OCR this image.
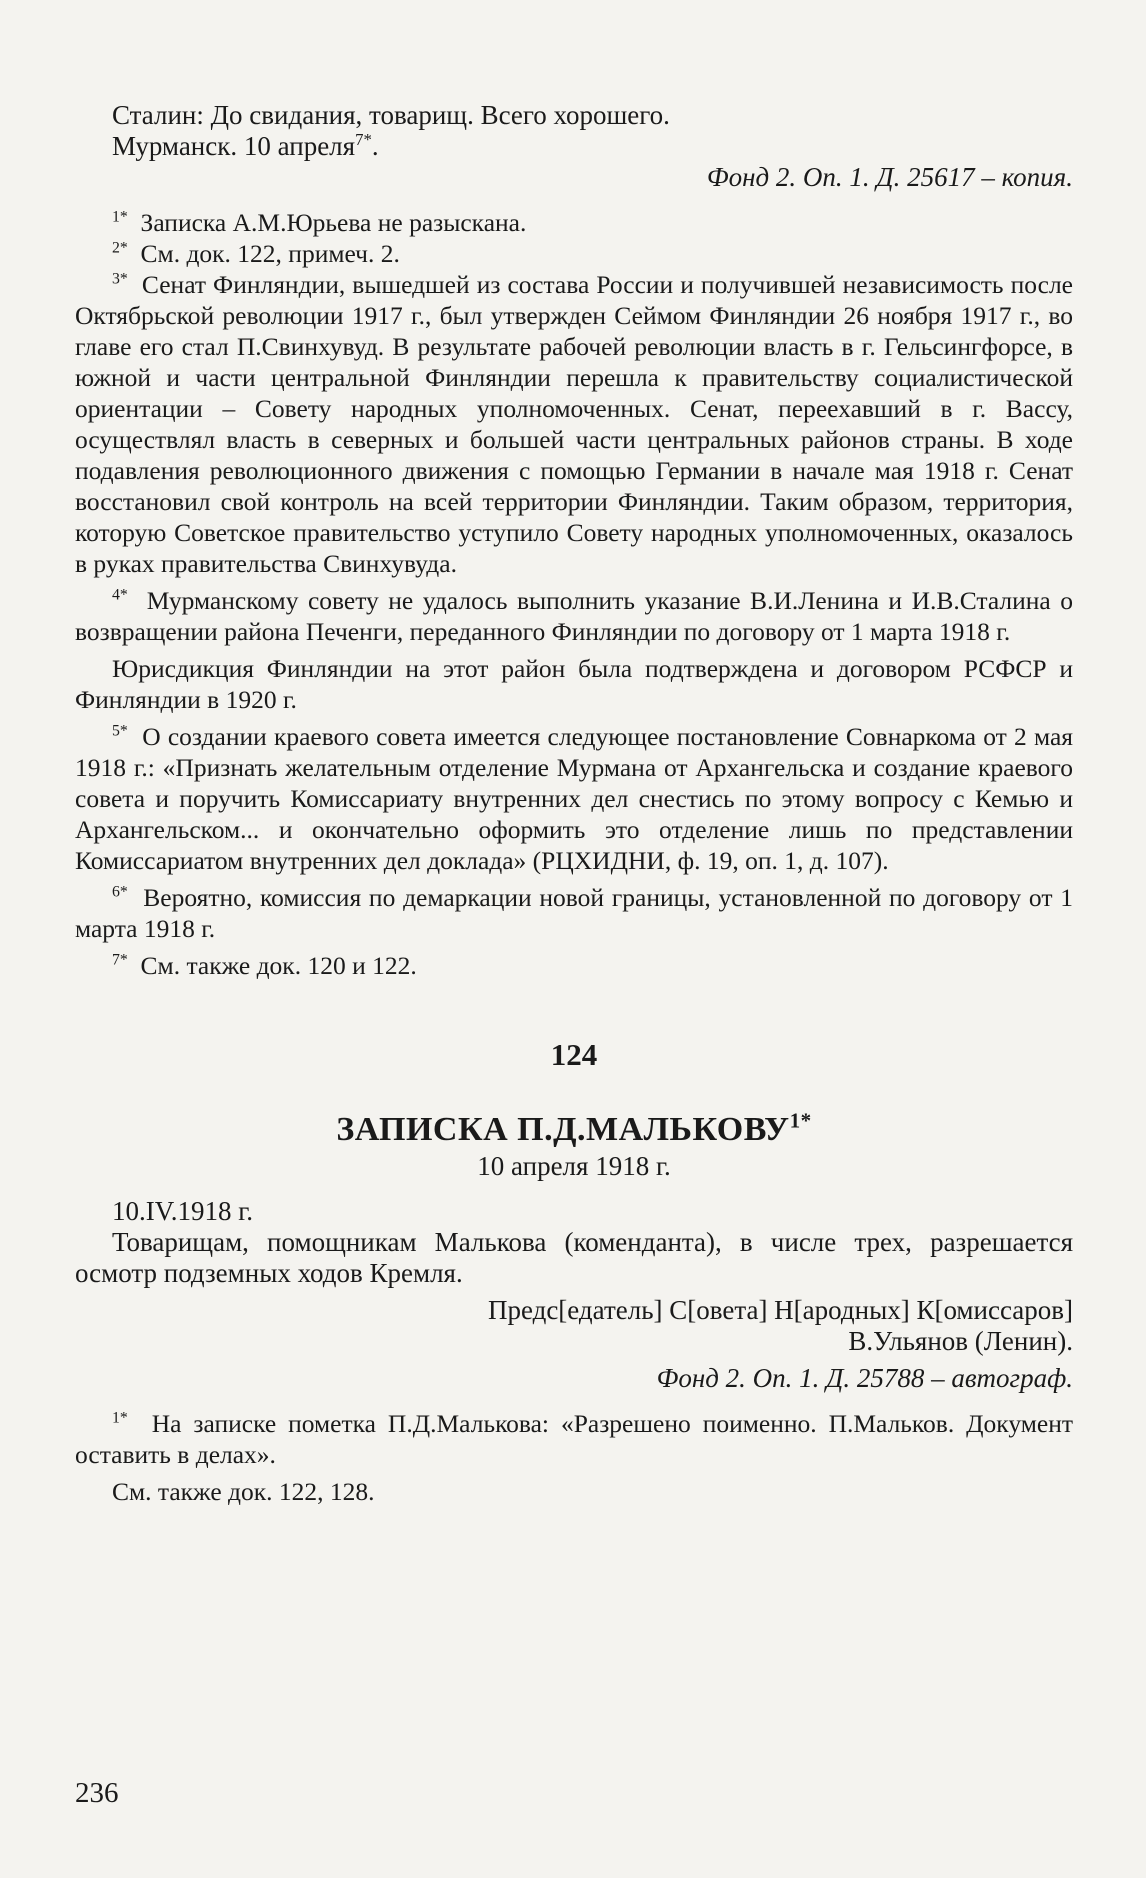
Сталин: До свидания, товарищ. Всего хорошего.

Мурманск. 10 апреля$^{7*}$.

Фонд 2. Оп. 1. Д. 25617 – копия.

$^{1*}$ Записка А.М.Юрьева не разыскана.

$^{2*}$ См. док. 122, примеч. 2.

$^{3*}$ Сенат Финляндии, вышедшей из состава России и получившей независимость после Октябрьской революции 1917 г., был утвержден Сеймом Финляндии 26 ноября 1917 г., во главе его стал П.Свинхувуд. В результате рабочей революции власть в г. Гельсингфорсе, в южной и части центральной Финляндии перешла к правительству социалистической ориентации – Совету народных уполномоченных. Сенат, переехавший в г. Вассу, осуществлял власть в северных и большей части центральных районов страны. В ходе подавления революционного движения с помощью Германии в начале мая 1918 г. Сенат восстановил свой контроль на всей территории Финляндии. Таким образом, территория, которую Советское правительство уступило Совету народных уполномоченных, оказалось в руках правительства Свинхувуда.

$^{4*}$ Мурманскому совету не удалось выполнить указание В.И.Ленина и И.В.Сталина о возвращении района Печенги, переданного Финляндии по договору от 1 марта 1918 г.

Юрисдикция Финляндии на этот район была подтверждена и договором РСФСР и Финляндии в 1920 г.

$^{5*}$ О создании краевого совета имеется следующее постановление Совнаркома от 2 мая 1918 г.: «Признать желательным отделение Мурмана от Архангельска и создание краевого совета и поручить Комиссариату внутренних дел снестись по этому вопросу с Кемью и Архангельском... и окончательно оформить это отделение лишь по представлении Комиссариатом внутренних дел доклада» (РЦХИДНИ, ф. 19, оп. 1, д. 107).

$^{6*}$ Вероятно, комиссия по демаркации новой границы, установленной по договору от 1 марта 1918 г.

$^{7*}$ См. также док. 120 и 122.

124
ЗАПИСКА $П.Д.МАЛЬКОВУ^{1*}$

10 апреля 1918 г.

10.IV.1918 г.

Товарищам, помощникам Малькова (коменданта), в числе трех, разрешается осмотр подземных ходов Кремля.

Предс[едатель] С[овета] Н[ародных] К[омиссаров]

В.Ульянов (Ленин).

Фонд 2. Оп. 1. Д. 25788 – автограф.

$^{1*}$ На записке пометка П.Д.Малькова: «Разрешено поименно. П.Мальков. Документ оставить в делах».

См. также док. 122, 128.

236
